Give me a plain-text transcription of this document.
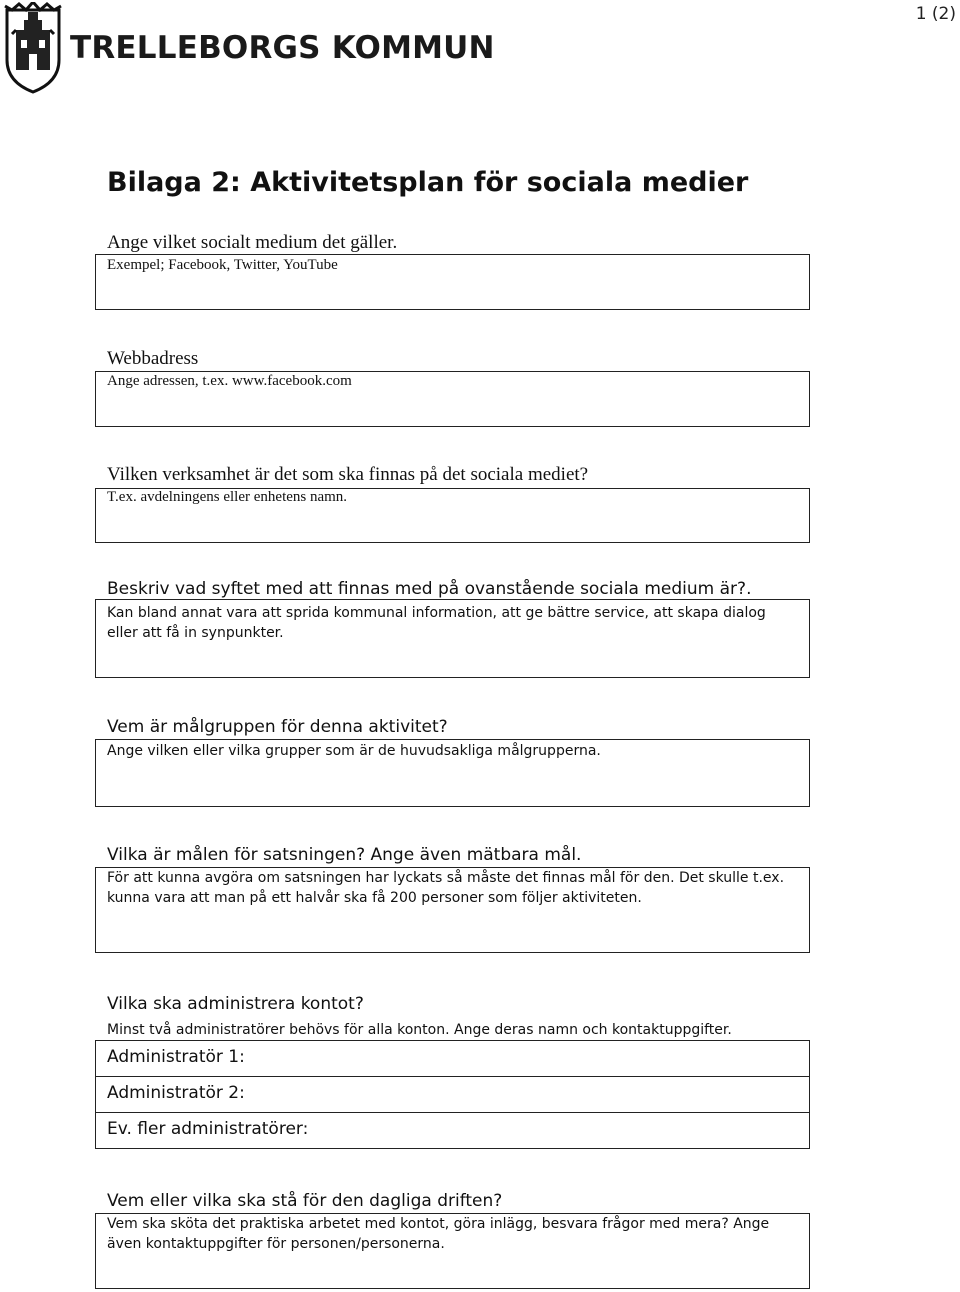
TRELLEBORGS KOMMUN
1 (2)
Bilaga 2: Aktivitetsplan för sociala medier
Ange vilket socialt medium det gäller.
Exempel; Facebook, Twitter, YouTube
Webbadress
Ange adressen, t.ex. www.facebook.com
Vilken verksamhet är det som ska finnas på det sociala mediet?
T.ex. avdelningens eller enhetens namn.
Beskriv vad syftet med att finnas med på ovanstående sociala medium är?.
Kan bland annat vara att sprida kommunal information, att ge bättre service, att skapa dialog eller att få in synpunkter.
Vem är målgruppen för denna aktivitet?
Ange vilken eller vilka grupper som är de huvudsakliga målgrupperna.
Vilka är målen för satsningen? Ange även mätbara mål.
För att kunna avgöra om satsningen har lyckats så måste det finnas mål för den. Det skulle t.ex. kunna vara att man på ett halvår ska få 200 personer som följer aktiviteten.
Vilka ska administrera kontot?
Minst två administratörer behövs för alla konton. Ange deras namn och kontaktuppgifter.
Administratör 1:
Administratör 2:
Ev. fler administratörer:
Vem eller vilka ska stå för den dagliga driften?
Vem ska sköta det praktiska arbetet med kontot, göra inlägg, besvara frågor med mera? Ange även kontaktuppgifter för personen/personerna.
